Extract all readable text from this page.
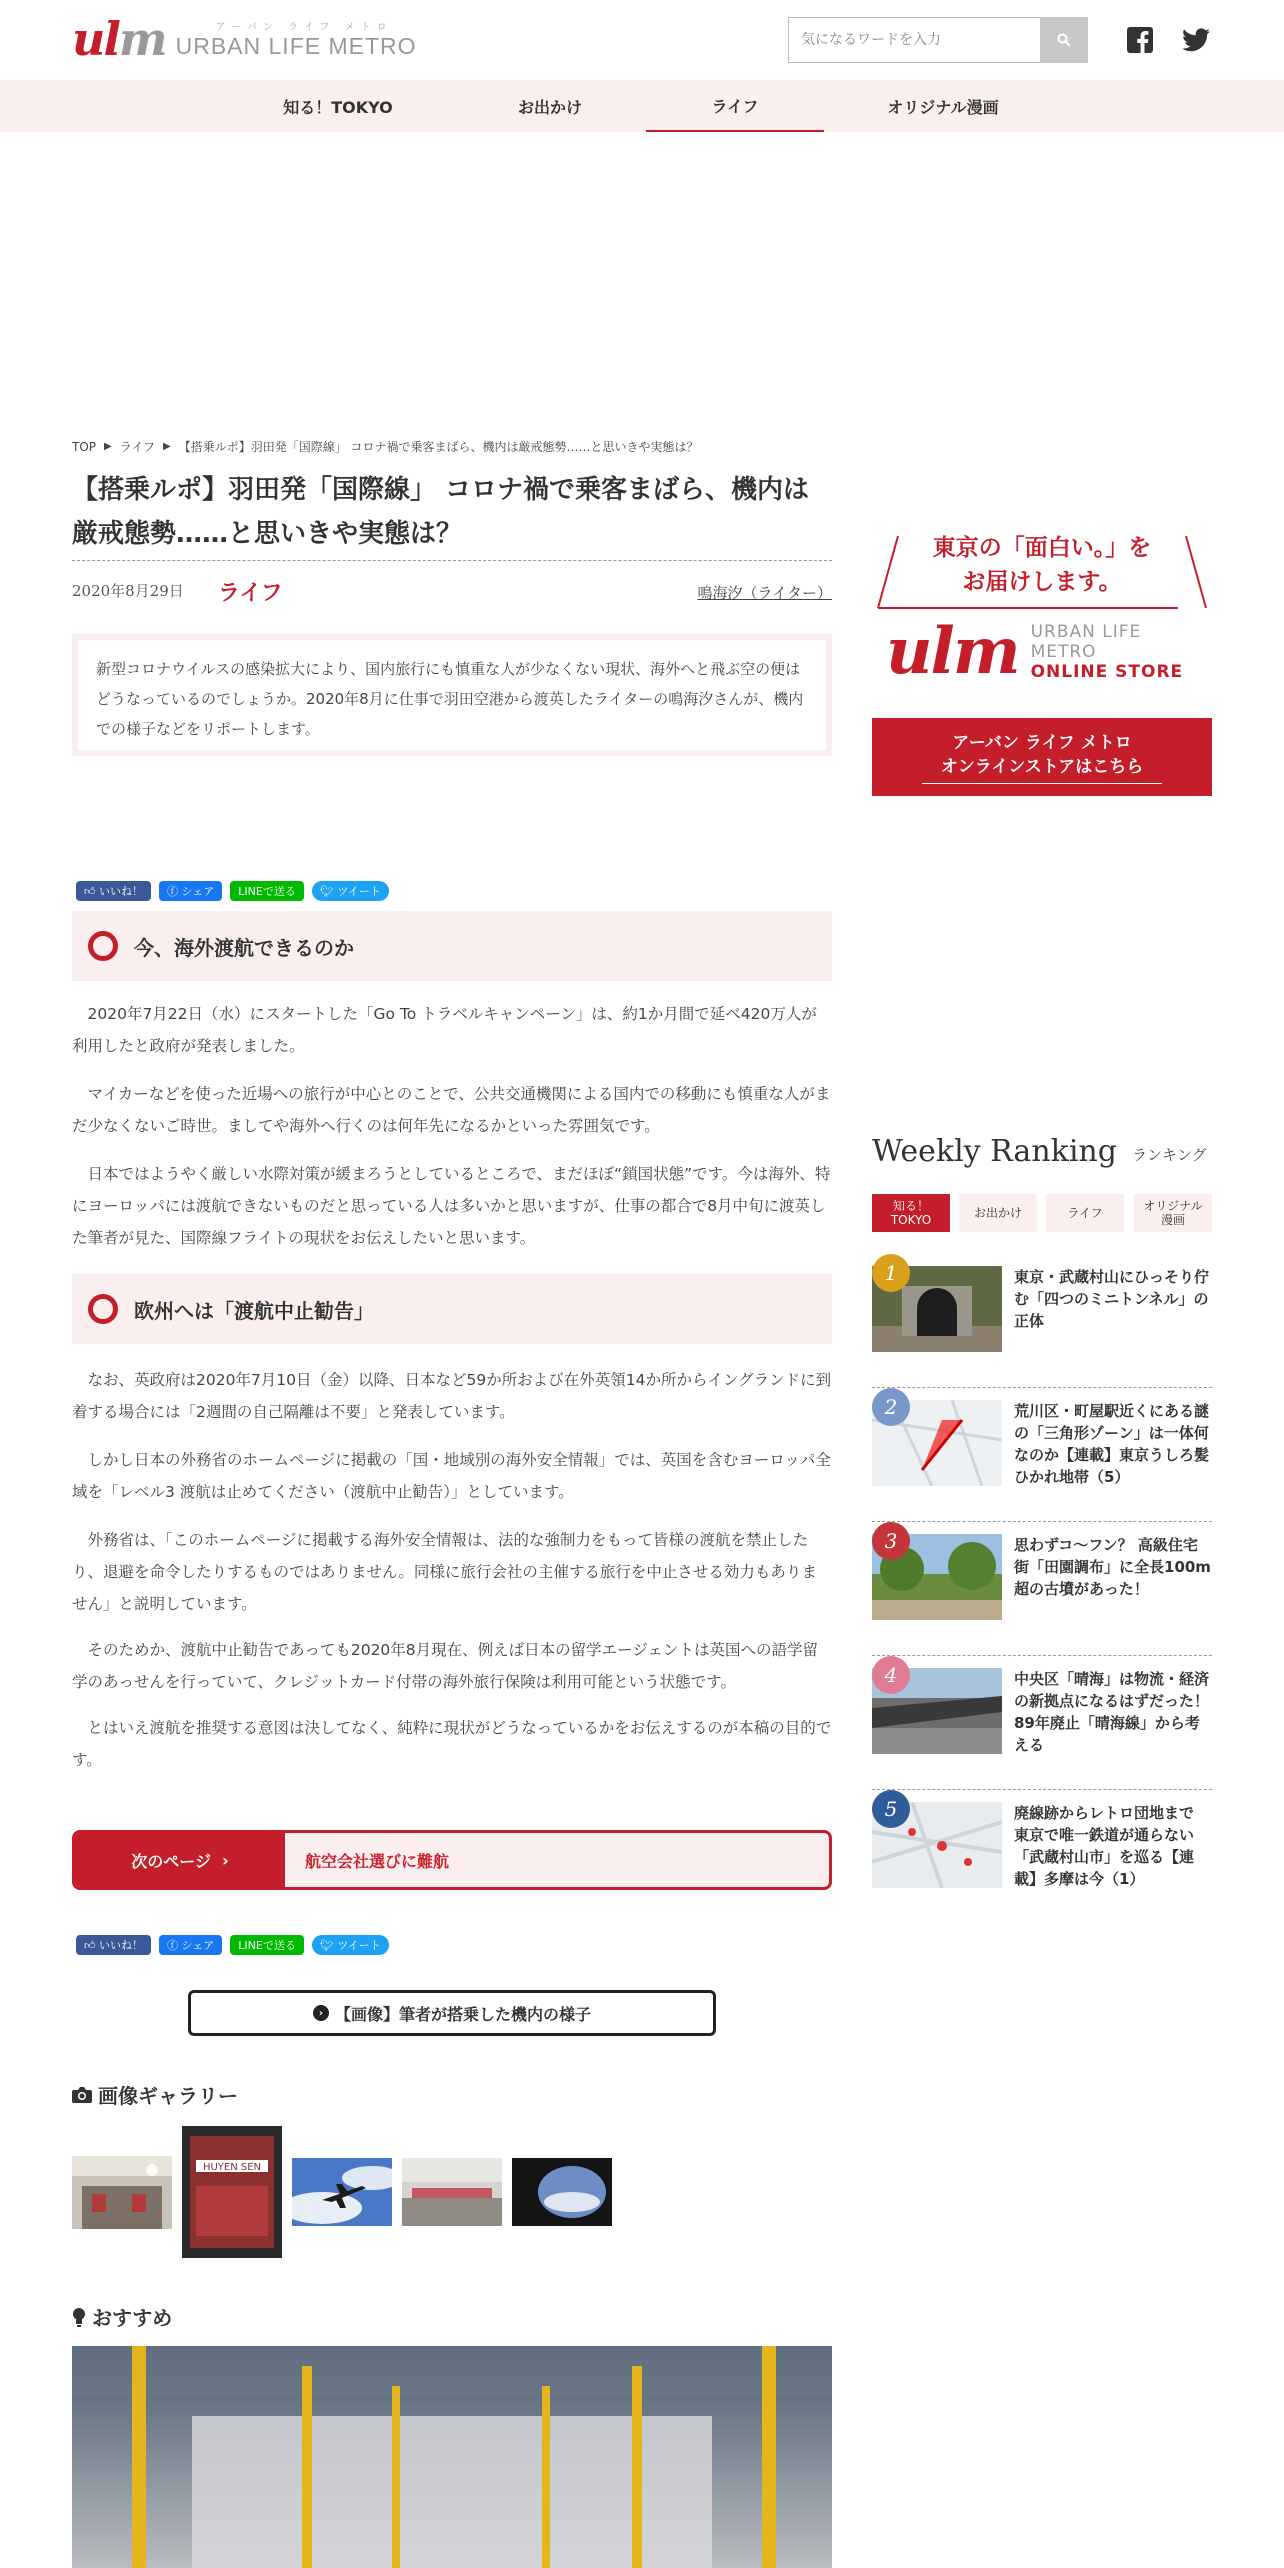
ulm	アーバン ライフ メトロ
URBAN LIFE METRO
気になるワードを入力
知る！TOKYO	お出かけ	ライフ	オリジナル漫画
TOP ▶ ライフ ▶ 【搭乗ルポ】羽田発「国際線」 コロナ禍で乗客まばら、機内は厳戒態勢……と思いきや実態は？
【搭乗ルポ】羽田発「国際線」 コロナ禍で乗客まばら、機内は厳戒態勢……と思いきや実態は？
2020年8月29日 ライフ	鳴海汐（ライター）
新型コロナウイルスの感染拡大により、国内旅行にも慎重な人が少なくない現状、海外へと飛ぶ空の便はどうなっているのでしょうか。2020年8月に仕事で羽田空港から渡英したライターの鳴海汐さんが、機内での様子などをリポートします。
👍︎ いいね！ ⓕ シェア LINEで送る 🐦︎ ツイート
今、海外渡航できるのか

2020年7月22日（水）にスタートした「Go To トラベルキャンペーン」は、約1か月間で延べ420万人が利用したと政府が発表しました。

マイカーなどを使った近場への旅行が中心とのことで、公共交通機関による国内での移動にも慎重な人がまだ少なくないご時世。ましてや海外へ行くのは何年先になるかといった雰囲気です。

日本ではようやく厳しい水際対策が緩まろうとしているところで、まだほぼ“鎖国状態”です。今は海外、特にヨーロッパには渡航できないものだと思っている人は多いかと思いますが、仕事の都合で8月中旬に渡英した筆者が見た、国際線フライトの現状をお伝えしたいと思います。

欧州へは「渡航中止勧告」

なお、英政府は2020年7月10日（金）以降、日本など59か所および在外英領14か所からイングランドに到着する場合には「2週間の自己隔離は不要」と発表しています。

しかし日本の外務省のホームページに掲載の「国・地域別の海外安全情報」では、英国を含むヨーロッパ全域を「レベル3 渡航は止めてください（渡航中止勧告）」としています。

外務省は、「このホームページに掲載する海外安全情報は、法的な強制力をもって皆様の渡航を禁止したり、退避を命令したりするものではありません。同様に旅行会社の主催する旅行を中止させる効力もありません」と説明しています。

そのためか、渡航中止勧告であっても2020年8月現在、例えば日本の留学エージェントは英国への語学留学のあっせんを行っていて、クレジットカード付帯の海外旅行保険は利用可能という状態です。

とはいえ渡航を推奨する意図は決してなく、純粋に現状がどうなっているかをお伝えするのが本稿の目的です。

次のページ ›	航空会社選びに難航
👍︎ いいね！ ⓕ シェア LINEで送る 🐦︎ ツイート
› 【画像】筆者が搭乗した機内の様子
画像ギャラリー
HUYEN SEN
おすすめ
東京の「面白い。」を
お届けします。
ulm URBAN LIFE METRO
ONLINE STORE
アーバン ライフ メトロ
オンラインストアはこちら
Weekly Ranking ランキング
知る！
TOKYO	お出かけ	ライフ	オリジナル
漫画
1	東京・武蔵村山にひっそり佇む「四つのミニトンネル」の正体
2	荒川区・町屋駅近くにある謎の「三角形ゾーン」は一体何なのか【連載】東京うしろ髪ひかれ地帯（5）
3	思わずコ～フン？ 高級住宅街「田園調布」に全長100m超の古墳があった！
4	中央区「晴海」は物流・経済の新拠点になるはずだった！ 89年廃止「晴海線」から考える
5	廃線跡からレトロ団地まで　東京で唯一鉄道が通らない「武蔵村山市」を巡る【連載】多摩は今（1）
